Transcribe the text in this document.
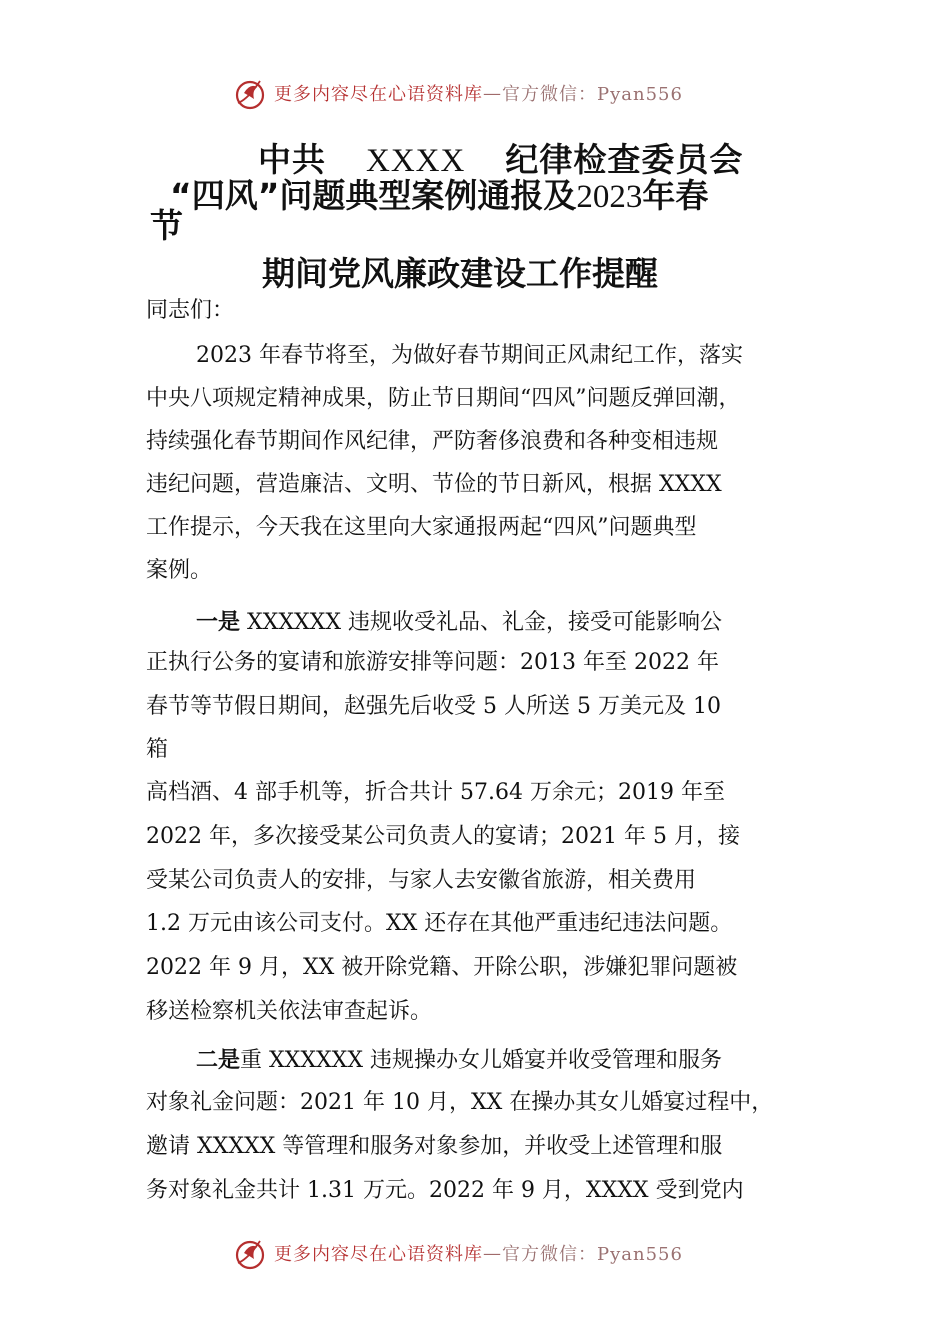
更多内容尽在心语资料库 — 官方微信：Pyan556
中共 XXXX 纪律检查委员会
“四风”问题典型案例通报及2023年春
节
期间党风廉政建设工作提醒
同志们：
2023 年春节将至，为做好春节期间正风肃纪工作，落实
中央八项规定精神成果，防止节日期间“四风”问题反弹回潮，
持续强化春节期间作风纪律，严防奢侈浪费和各种变相违规
违纪问题，营造廉洁、文明、节俭的节日新风，根据 XXXX
工作提示，今天我在这里向大家通报两起“四风”问题典型
案例。
一是 XXXXXX 违规收受礼品、礼金，接受可能影响公
正执行公务的宴请和旅游安排等问题：2013 年至 2022 年
春节等节假日期间，赵强先后收受 5 人所送 5 万美元及 10
箱
高档酒、4 部手机等，折合共计 57.64 万余元；2019 年至
2022 年，多次接受某公司负责人的宴请；2021 年 5 月，接
受某公司负责人的安排，与家人去安徽省旅游，相关费用
1.2 万元由该公司支付。XX 还存在其他严重违纪违法问题。
2022 年 9 月，XX 被开除党籍、开除公职，涉嫌犯罪问题被
移送检察机关依法审查起诉。
二是重 XXXXXX 违规操办女儿婚宴并收受管理和服务
对象礼金问题：2021 年 10 月，XX 在操办其女儿婚宴过程中，
邀请 XXXXX 等管理和服务对象参加，并收受上述管理和服
务对象礼金共计 1.31 万元。2022 年 9 月，XXXX 受到党内
更多内容尽在心语资料库 — 官方微信：Pyan556
